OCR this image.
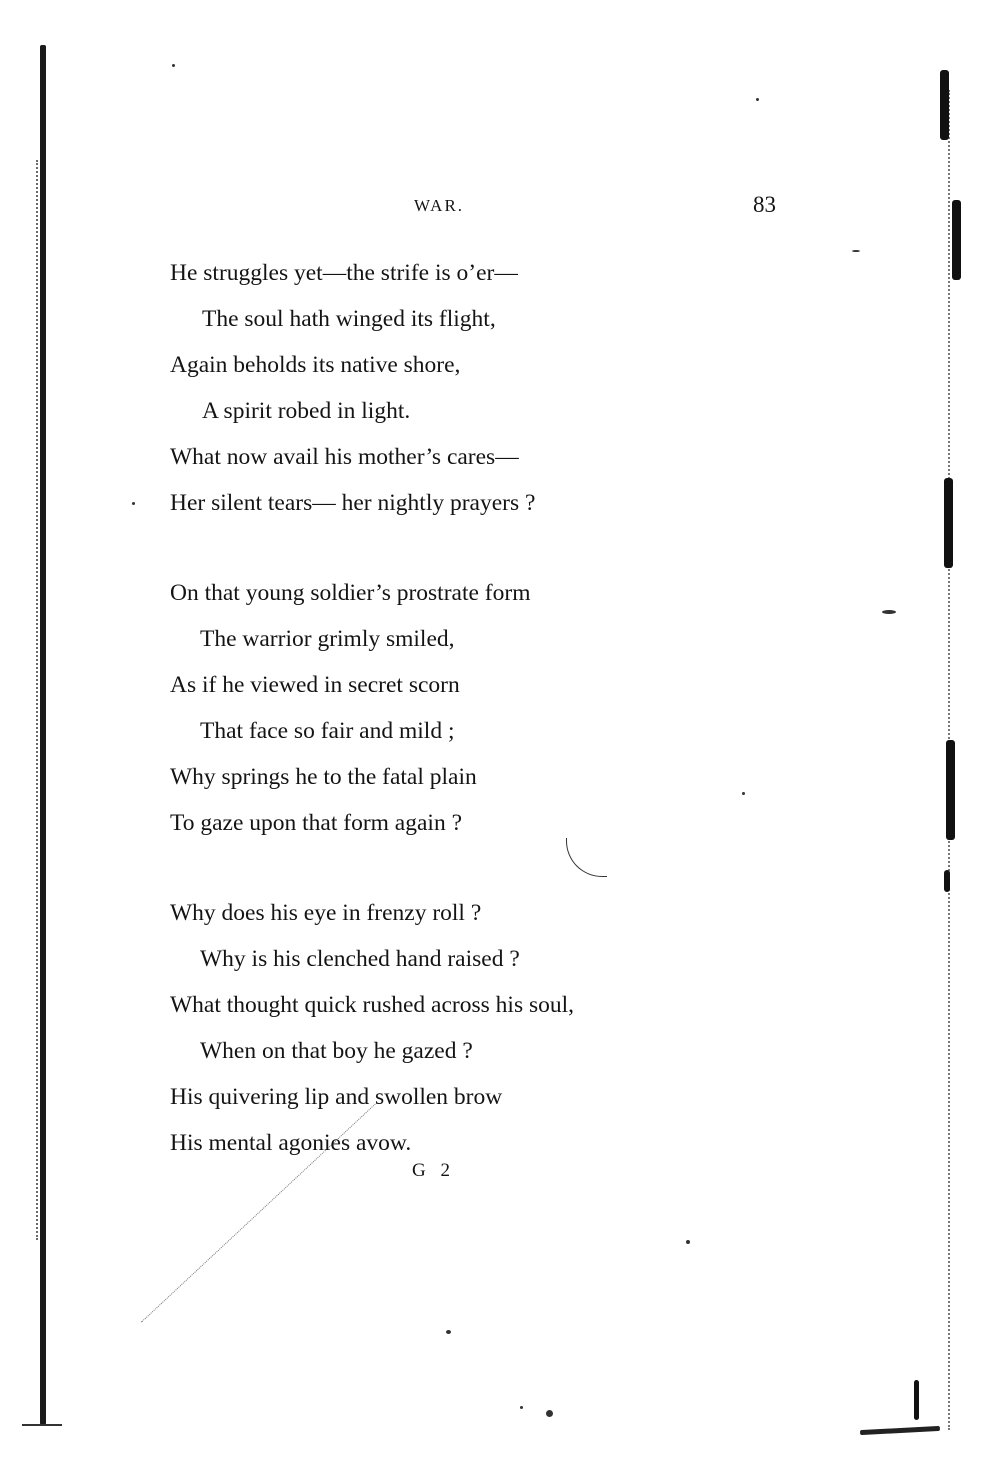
WAR.	83
He struggles yet—the strife is o’er—
The soul hath winged its flight,
Again beholds its native shore,
A spirit robed in light.
What now avail his mother’s cares—
Her silent tears— her nightly prayers ?
On that young soldier’s prostrate form
The warrior grimly smiled,
As if he viewed in secret scorn
That face so fair and mild ;
Why springs he to the fatal plain
To gaze upon that form again ?
Why does his eye in frenzy roll ?
Why is his clenched hand raised ?
What thought quick rushed across his soul,
When on that boy he gazed ?
His quivering lip and swollen brow
His mental agonies avow.
G 2
